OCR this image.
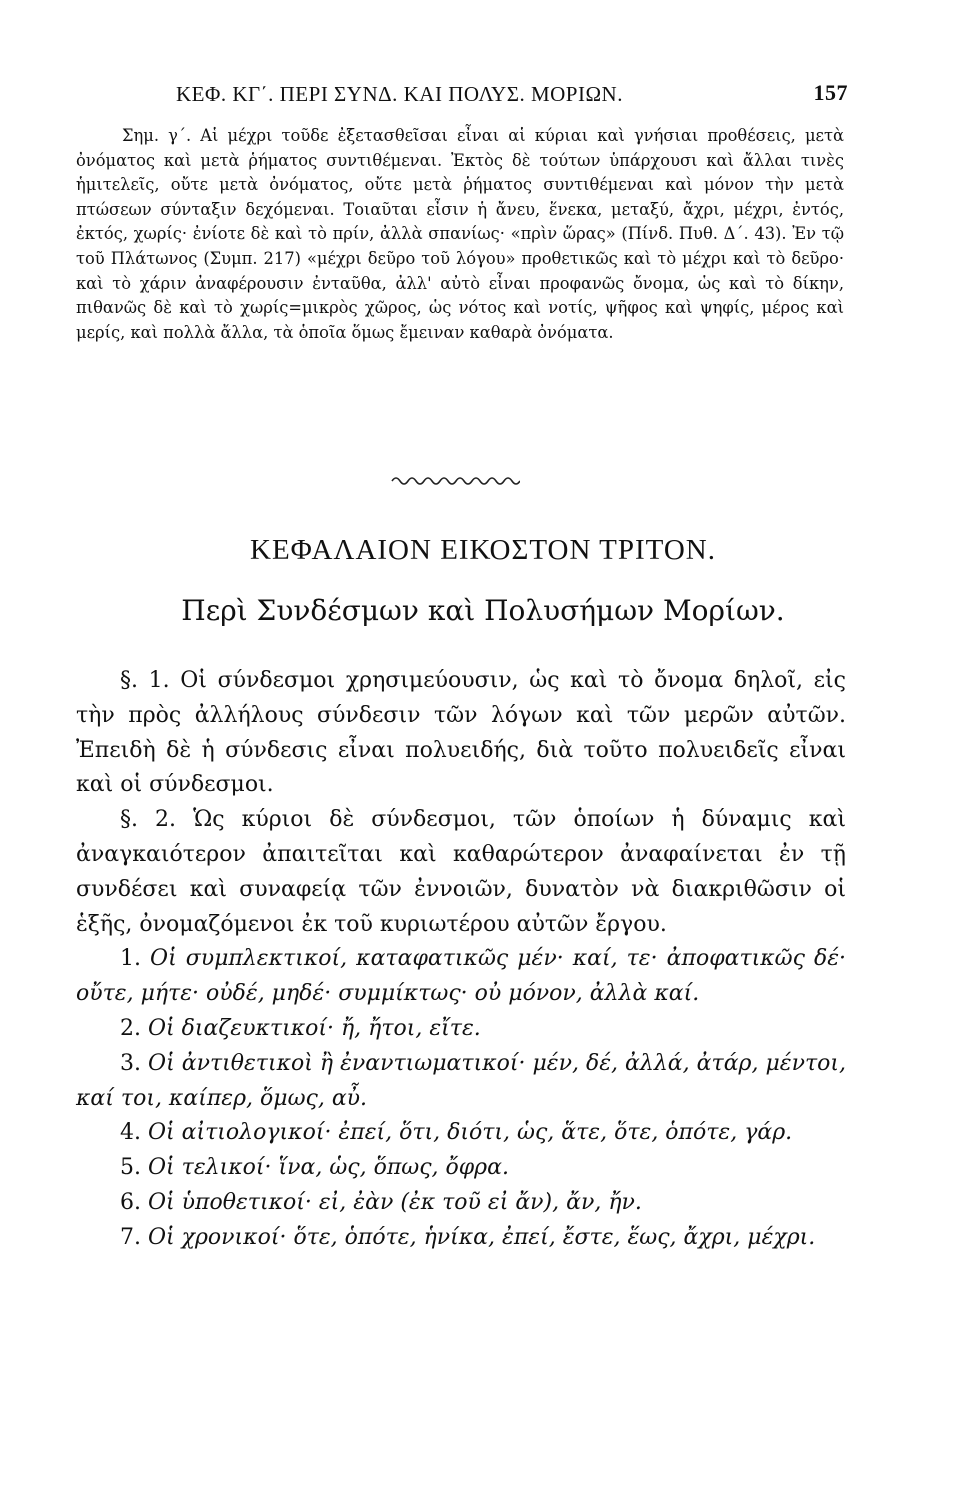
ΚΕΦ. ΚΓ΄. ΠΕΡΙ ΣΥΝΔ. ΚΑΙ ΠΟΛΥΣ. ΜΟΡΙΩΝ.	157

Σημ. γ΄. Αἱ μέχρι τοῦδε ἐξετασθεῖσαι εἶναι αἱ κύριαι καὶ γνήσιαι προθέσεις, μετὰ ὀνόματος καὶ μετὰ ῥήματος συντιθέμεναι. Ἐκτὸς δὲ τούτων ὑπάρχουσι καὶ ἄλλαι τινὲς ἡμιτελεῖς, οὔτε μετὰ ὀνόματος, οὔτε μετὰ ῥήματος συντιθέμεναι καὶ μόνον τὴν μετὰ πτώσεων σύνταξιν δεχόμεναι. Τοιαῦται εἶσιν ἡ ἄνευ, ἕνεκα, μεταξύ, ἄχρι, μέχρι, ἐντός, ἐκτός, χωρίς· ἐνίοτε δὲ καὶ τὸ πρίν, ἀλλὰ σπανίως· «πρὶν ὥρας» (Πίνδ. Πυθ. Δ΄. 43). Ἐν τῷ τοῦ Πλάτωνος (Συμπ. 217) «μέχρι δεῦρο τοῦ λόγου» προθετικῶς καὶ τὸ μέχρι καὶ τὸ δεῦρο· καὶ τὸ χάριν ἀναφέρουσιν ἐνταῦθα, ἀλλ' αὐτὸ εἶναι προφανῶς ὄνομα, ὡς καὶ τὸ δίκην, πιθανῶς δὲ καὶ τὸ χωρίς=μικρὸς χῶρος, ὡς νότος καὶ νοτίς, ψῆφος καὶ ψηφίς, μέρος καὶ μερίς, καὶ πολλὰ ἄλλα, τὰ ὁποῖα ὅμως ἔμειναν καθαρὰ ὀνόματα.

ΚΕΦΑΛΑΙΟΝ ΕΙΚΟΣΤΟΝ ΤΡΙΤΟΝ.
Περὶ Συνδέσμων καὶ Πολυσήμων Μορίων.

§. 1. Οἱ σύνδεσμοι χρησιμεύουσιν, ὡς καὶ τὸ ὄνομα δηλοῖ, εἰς τὴν πρὸς ἀλλήλους σύνδεσιν τῶν λόγων καὶ τῶν μερῶν αὐτῶν. Ἐπειδὴ δὲ ἡ σύνδεσις εἶναι πολυειδής, διὰ τοῦτο πολυειδεῖς εἶναι καὶ οἱ σύνδεσμοι.

§. 2. Ὡς κύριοι δὲ σύνδεσμοι, τῶν ὁποίων ἡ δύναμις καὶ ἀναγκαιότερον ἀπαιτεῖται καὶ καθαρώτερον ἀναφαίνεται ἐν τῇ συνδέσει καὶ συναφείᾳ τῶν ἐννοιῶν, δυνατὸν νὰ διακριθῶσιν οἱ ἑξῆς, ὀνομαζόμενοι ἐκ τοῦ κυριωτέρου αὐτῶν ἔργου.

1. Οἱ συμπλεκτικοί, καταφατικῶς μέν· καί, τε· ἀποφατικῶς δέ· οὔτε, μήτε· οὐδέ, μηδέ· συμμίκτως· οὐ μόνον, ἀλλὰ καί.

2. Οἱ διαζευκτικοί· ἤ, ἤτοι, εἴτε.

3. Οἱ ἀντιθετικοὶ ἢ ἐναντιωματικοί· μέν, δέ, ἀλλά, ἀτάρ, μέντοι, καί τοι, καίπερ, ὅμως, αὖ.

4. Οἱ αἰτιολογικοί· ἐπεί, ὅτι, διότι, ὡς, ἅτε, ὅτε, ὁπότε, γάρ.

5. Οἱ τελικοί· ἵνα, ὡς, ὅπως, ὄφρα.

6. Οἱ ὑποθετικοί· εἰ, ἐὰν (ἐκ τοῦ εἰ ἄν), ἄν, ἤν.

7. Οἱ χρονικοί· ὅτε, ὁπότε, ἡνίκα, ἐπεί, ἔστε, ἕως, ἄχρι, μέχρι.
